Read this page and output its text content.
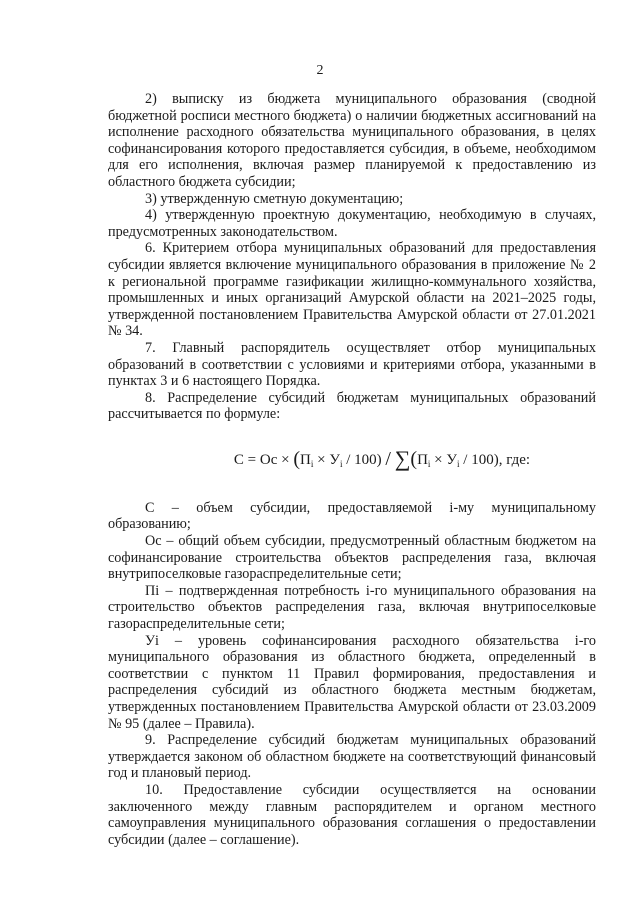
2

2) выписку из бюджета муниципального образования (сводной бюджетной росписи местного бюджета) о наличии бюджетных ассигнований на исполнение расходного обязательства муниципального образования, в целях софинансирования которого предоставляется субсидия, в объеме, необходимом для его исполнения, включая размер планируемой к предоставлению из областного бюджета субсидии;

3) утвержденную сметную документацию;

4) утвержденную проектную документацию, необходимую в случаях, предусмотренных законодательством.

6. Критерием отбора муниципальных образований для предоставления субсидии является включение муниципального образования в приложение № 2 к региональной программе газификации жилищно-коммунального хозяйства, промышленных и иных организаций Амурской области на 2021–2025 годы, утвержденной постановлением Правительства Амурской области от 27.01.2021 № 34.

7. Главный распорядитель осуществляет отбор муниципальных образований в соответствии с условиями и критериями отбора, указанными в пунктах 3 и 6 настоящего Порядка.

8. Распределение субсидий бюджетам муниципальных образований рассчитывается по формуле:

$C = Oc \times (П_i \times У_i / 100) / \sum(П_i \times У_i / 100)$, где:

С – объем субсидии, предоставляемой i-му муниципальному образованию;

Ос – общий объем субсидии, предусмотренный областным бюджетом на софинансирование строительства объектов распределения газа, включая внутрипоселковые газораспределительные сети;

Пi – подтвержденная потребность i-го муниципального образования на строительство объектов распределения газа, включая внутрипоселковые газораспределительные сети;

Уi – уровень софинансирования расходного обязательства i-го муниципального образования из областного бюджета, определенный в соответствии с пунктом 11 Правил формирования, предоставления и распределения субсидий из областного бюджета местным бюджетам, утвержденных постановлением Правительства Амурской области от 23.03.2009 № 95 (далее – Правила).

9. Распределение субсидий бюджетам муниципальных образований утверждается законом об областном бюджете на соответствующий финансовый год и плановый период.

10. Предоставление субсидии осуществляется на основании заключенного между главным распорядителем и органом местного самоуправления муниципального образования соглашения о предоставлении субсидии (далее – соглашение).
